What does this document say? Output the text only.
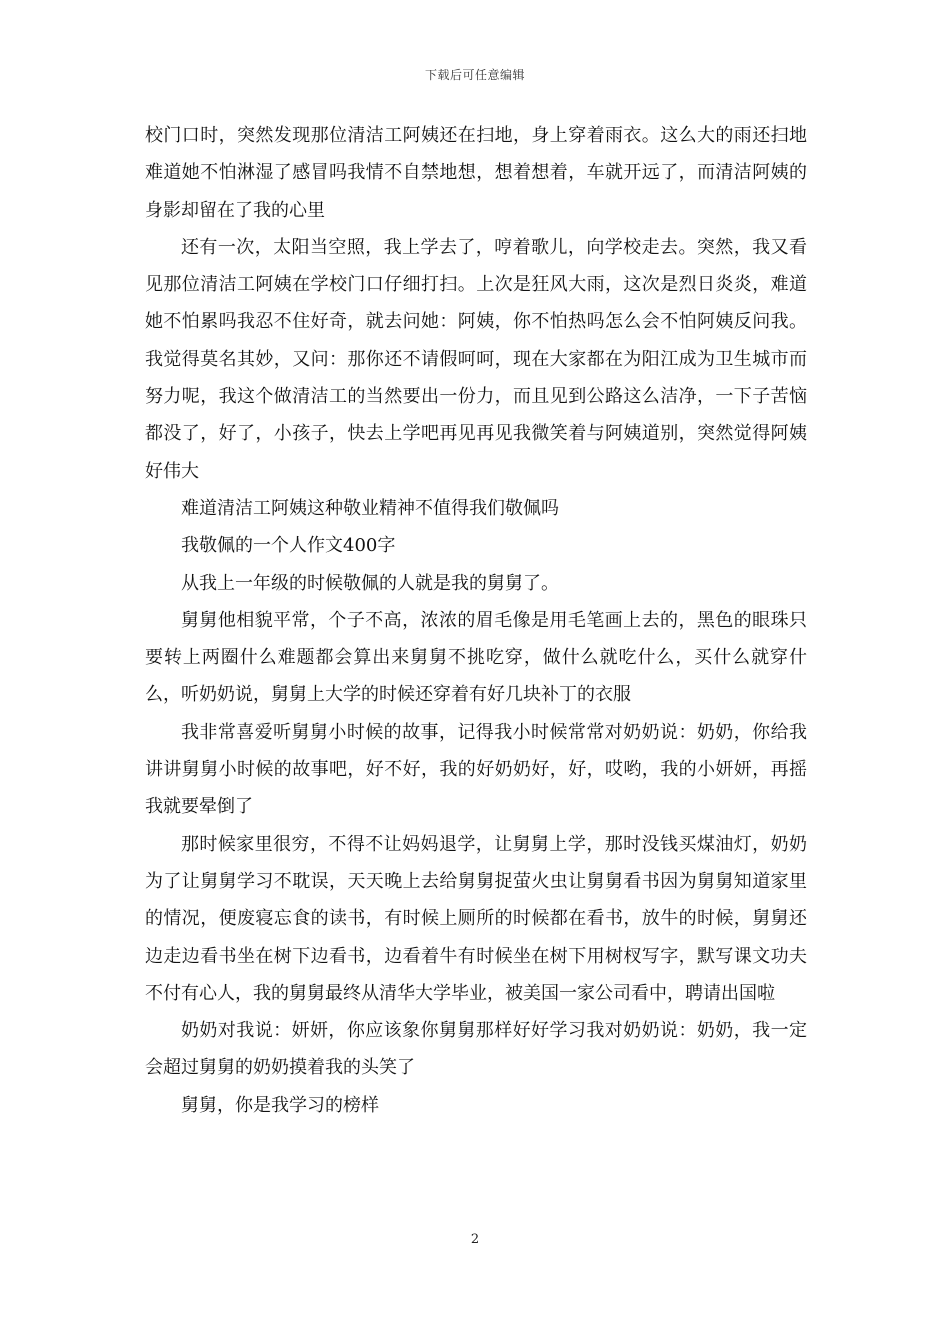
下载后可任意编辑

校门口时，突然发现那位清洁工阿姨还在扫地，身上穿着雨衣。这么大的雨还扫地难道她不怕淋湿了感冒吗我情不自禁地想，想着想着，车就开远了，而清洁阿姨的身影却留在了我的心里

还有一次，太阳当空照，我上学去了，哼着歌儿，向学校走去。突然，我又看见那位清洁工阿姨在学校门口仔细打扫。上次是狂风大雨，这次是烈日炎炎，难道她不怕累吗我忍不住好奇，就去问她：阿姨，你不怕热吗怎么会不怕阿姨反问我。我觉得莫名其妙，又问：那你还不请假呵呵，现在大家都在为阳江成为卫生城市而努力呢，我这个做清洁工的当然要出一份力，而且见到公路这么洁净，一下子苦恼都没了，好了，小孩子，快去上学吧再见再见我微笑着与阿姨道别，突然觉得阿姨好伟大

难道清洁工阿姨这种敬业精神不值得我们敬佩吗

我敬佩的一个人作文400字

从我上一年级的时候敬佩的人就是我的舅舅了。

舅舅他相貌平常，个子不高，浓浓的眉毛像是用毛笔画上去的，黑色的眼珠只要转上两圈什么难题都会算出来舅舅不挑吃穿，做什么就吃什么，买什么就穿什么，听奶奶说，舅舅上大学的时候还穿着有好几块补丁的衣服

我非常喜爱听舅舅小时候的故事，记得我小时候常常对奶奶说：奶奶，你给我讲讲舅舅小时候的故事吧，好不好，我的好奶奶好，好，哎哟，我的小妍妍，再摇我就要晕倒了

那时候家里很穷，不得不让妈妈退学，让舅舅上学，那时没钱买煤油灯，奶奶为了让舅舅学习不耽误，天天晚上去给舅舅捉萤火虫让舅舅看书因为舅舅知道家里的情况，便废寝忘食的读书，有时候上厕所的时候都在看书，放牛的时候，舅舅还边走边看书坐在树下边看书，边看着牛有时候坐在树下用树杈写字，默写课文功夫不付有心人，我的舅舅最终从清华大学毕业，被美国一家公司看中，聘请出国啦

奶奶对我说：妍妍，你应该象你舅舅那样好好学习我对奶奶说：奶奶，我一定会超过舅舅的奶奶摸着我的头笑了

舅舅，你是我学习的榜样

2
